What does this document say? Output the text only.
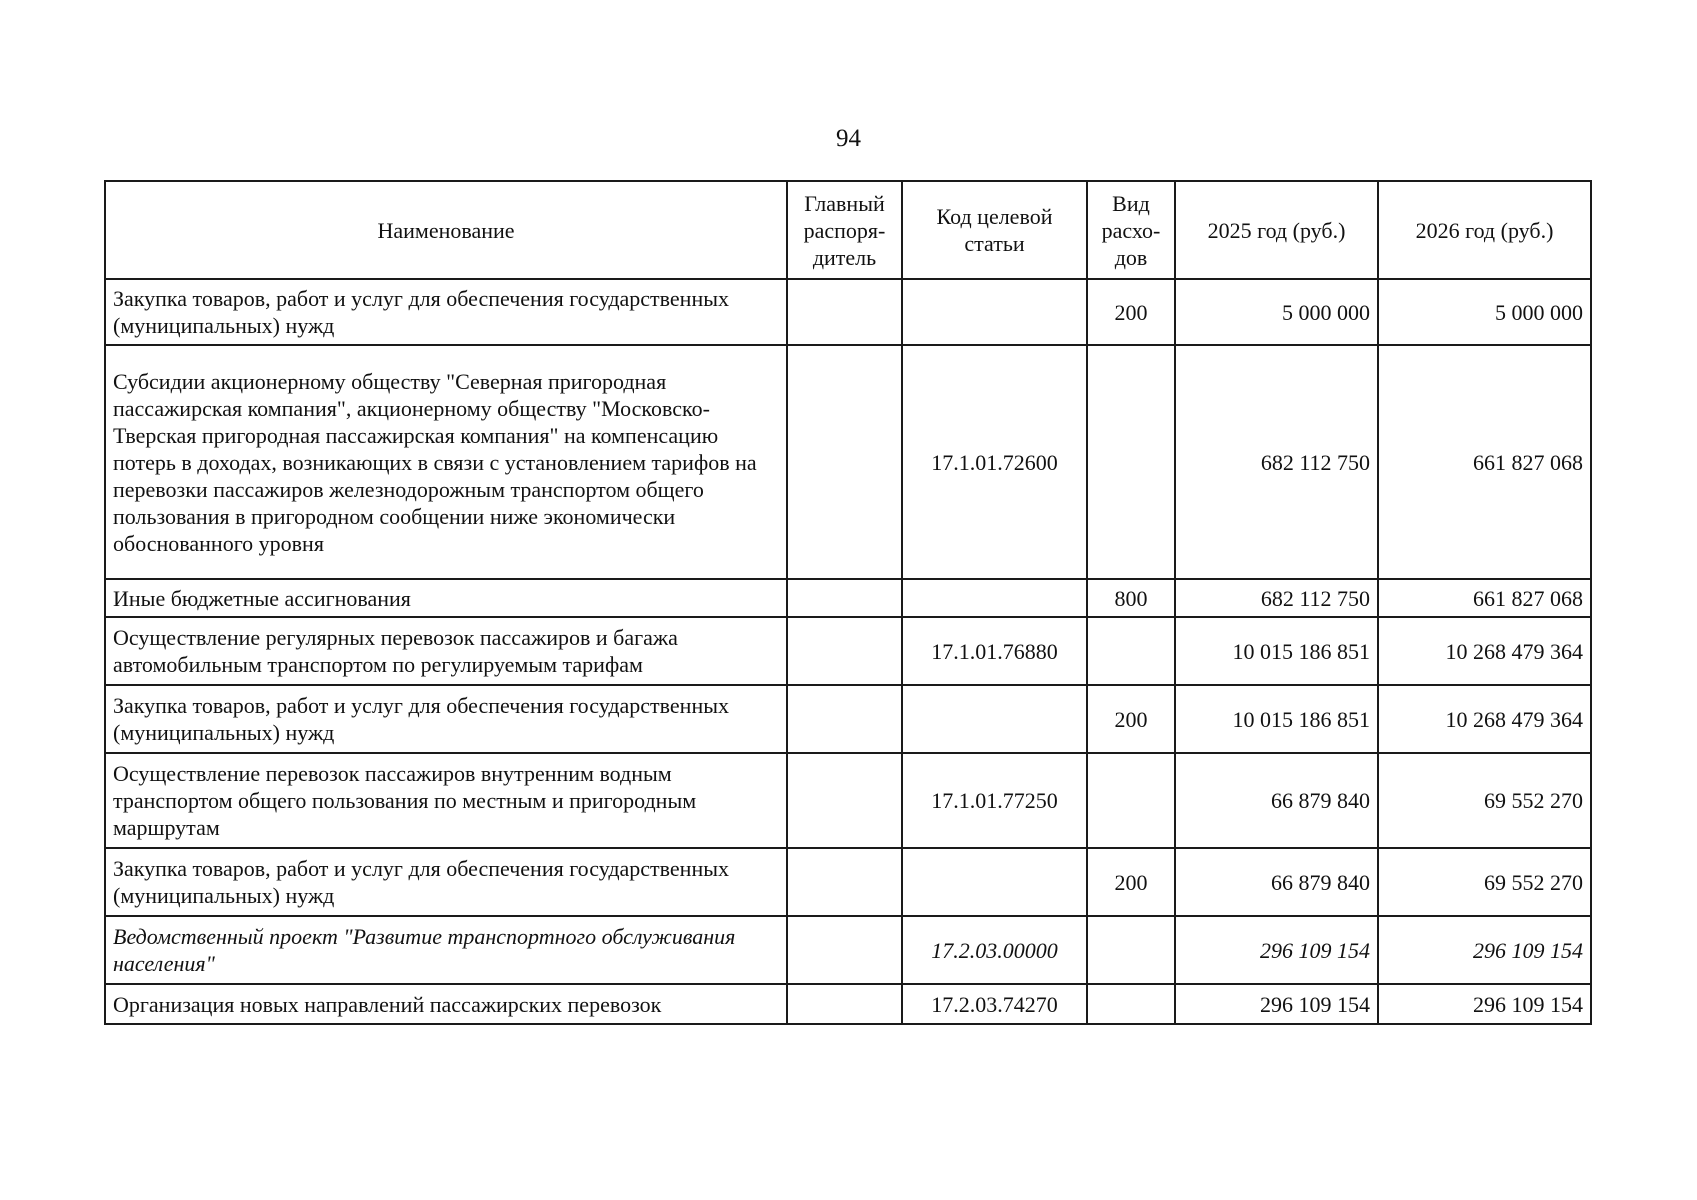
94
Наименование	Главный распоря-дитель	Код целевой статьи	Вид расхо-дов	2025 год (руб.)	2026 год (руб.)
Закупка товаров, работ и услуг для обеспечения государственных (муниципальных) нужд			200	5 000 000	5 000 000
Субсидии акционерному обществу "Северная пригородная пассажирская компания", акционерному обществу "Московско-Тверская пригородная пассажирская компания" на компенсацию потерь в доходах, возникающих в связи с установлением тарифов на перевозки пассажиров железнодорожным транспортом общего пользования в пригородном сообщении ниже экономически обоснованного уровня		17.1.01.72600		682 112 750	661 827 068
Иные бюджетные ассигнования			800	682 112 750	661 827 068
Осуществление регулярных перевозок пассажиров и багажа автомобильным транспортом по регулируемым тарифам		17.1.01.76880		10 015 186 851	10 268 479 364
Закупка товаров, работ и услуг для обеспечения государственных (муниципальных) нужд			200	10 015 186 851	10 268 479 364
Осуществление перевозок пассажиров внутренним водным транспортом общего пользования по местным и пригородным маршрутам		17.1.01.77250		66 879 840	69 552 270
Закупка товаров, работ и услуг для обеспечения государственных (муниципальных) нужд			200	66 879 840	69 552 270
Ведомственный проект "Развитие транспортного обслуживания населения"		17.2.03.00000		296 109 154	296 109 154
Организация новых направлений пассажирских перевозок		17.2.03.74270		296 109 154	296 109 154
